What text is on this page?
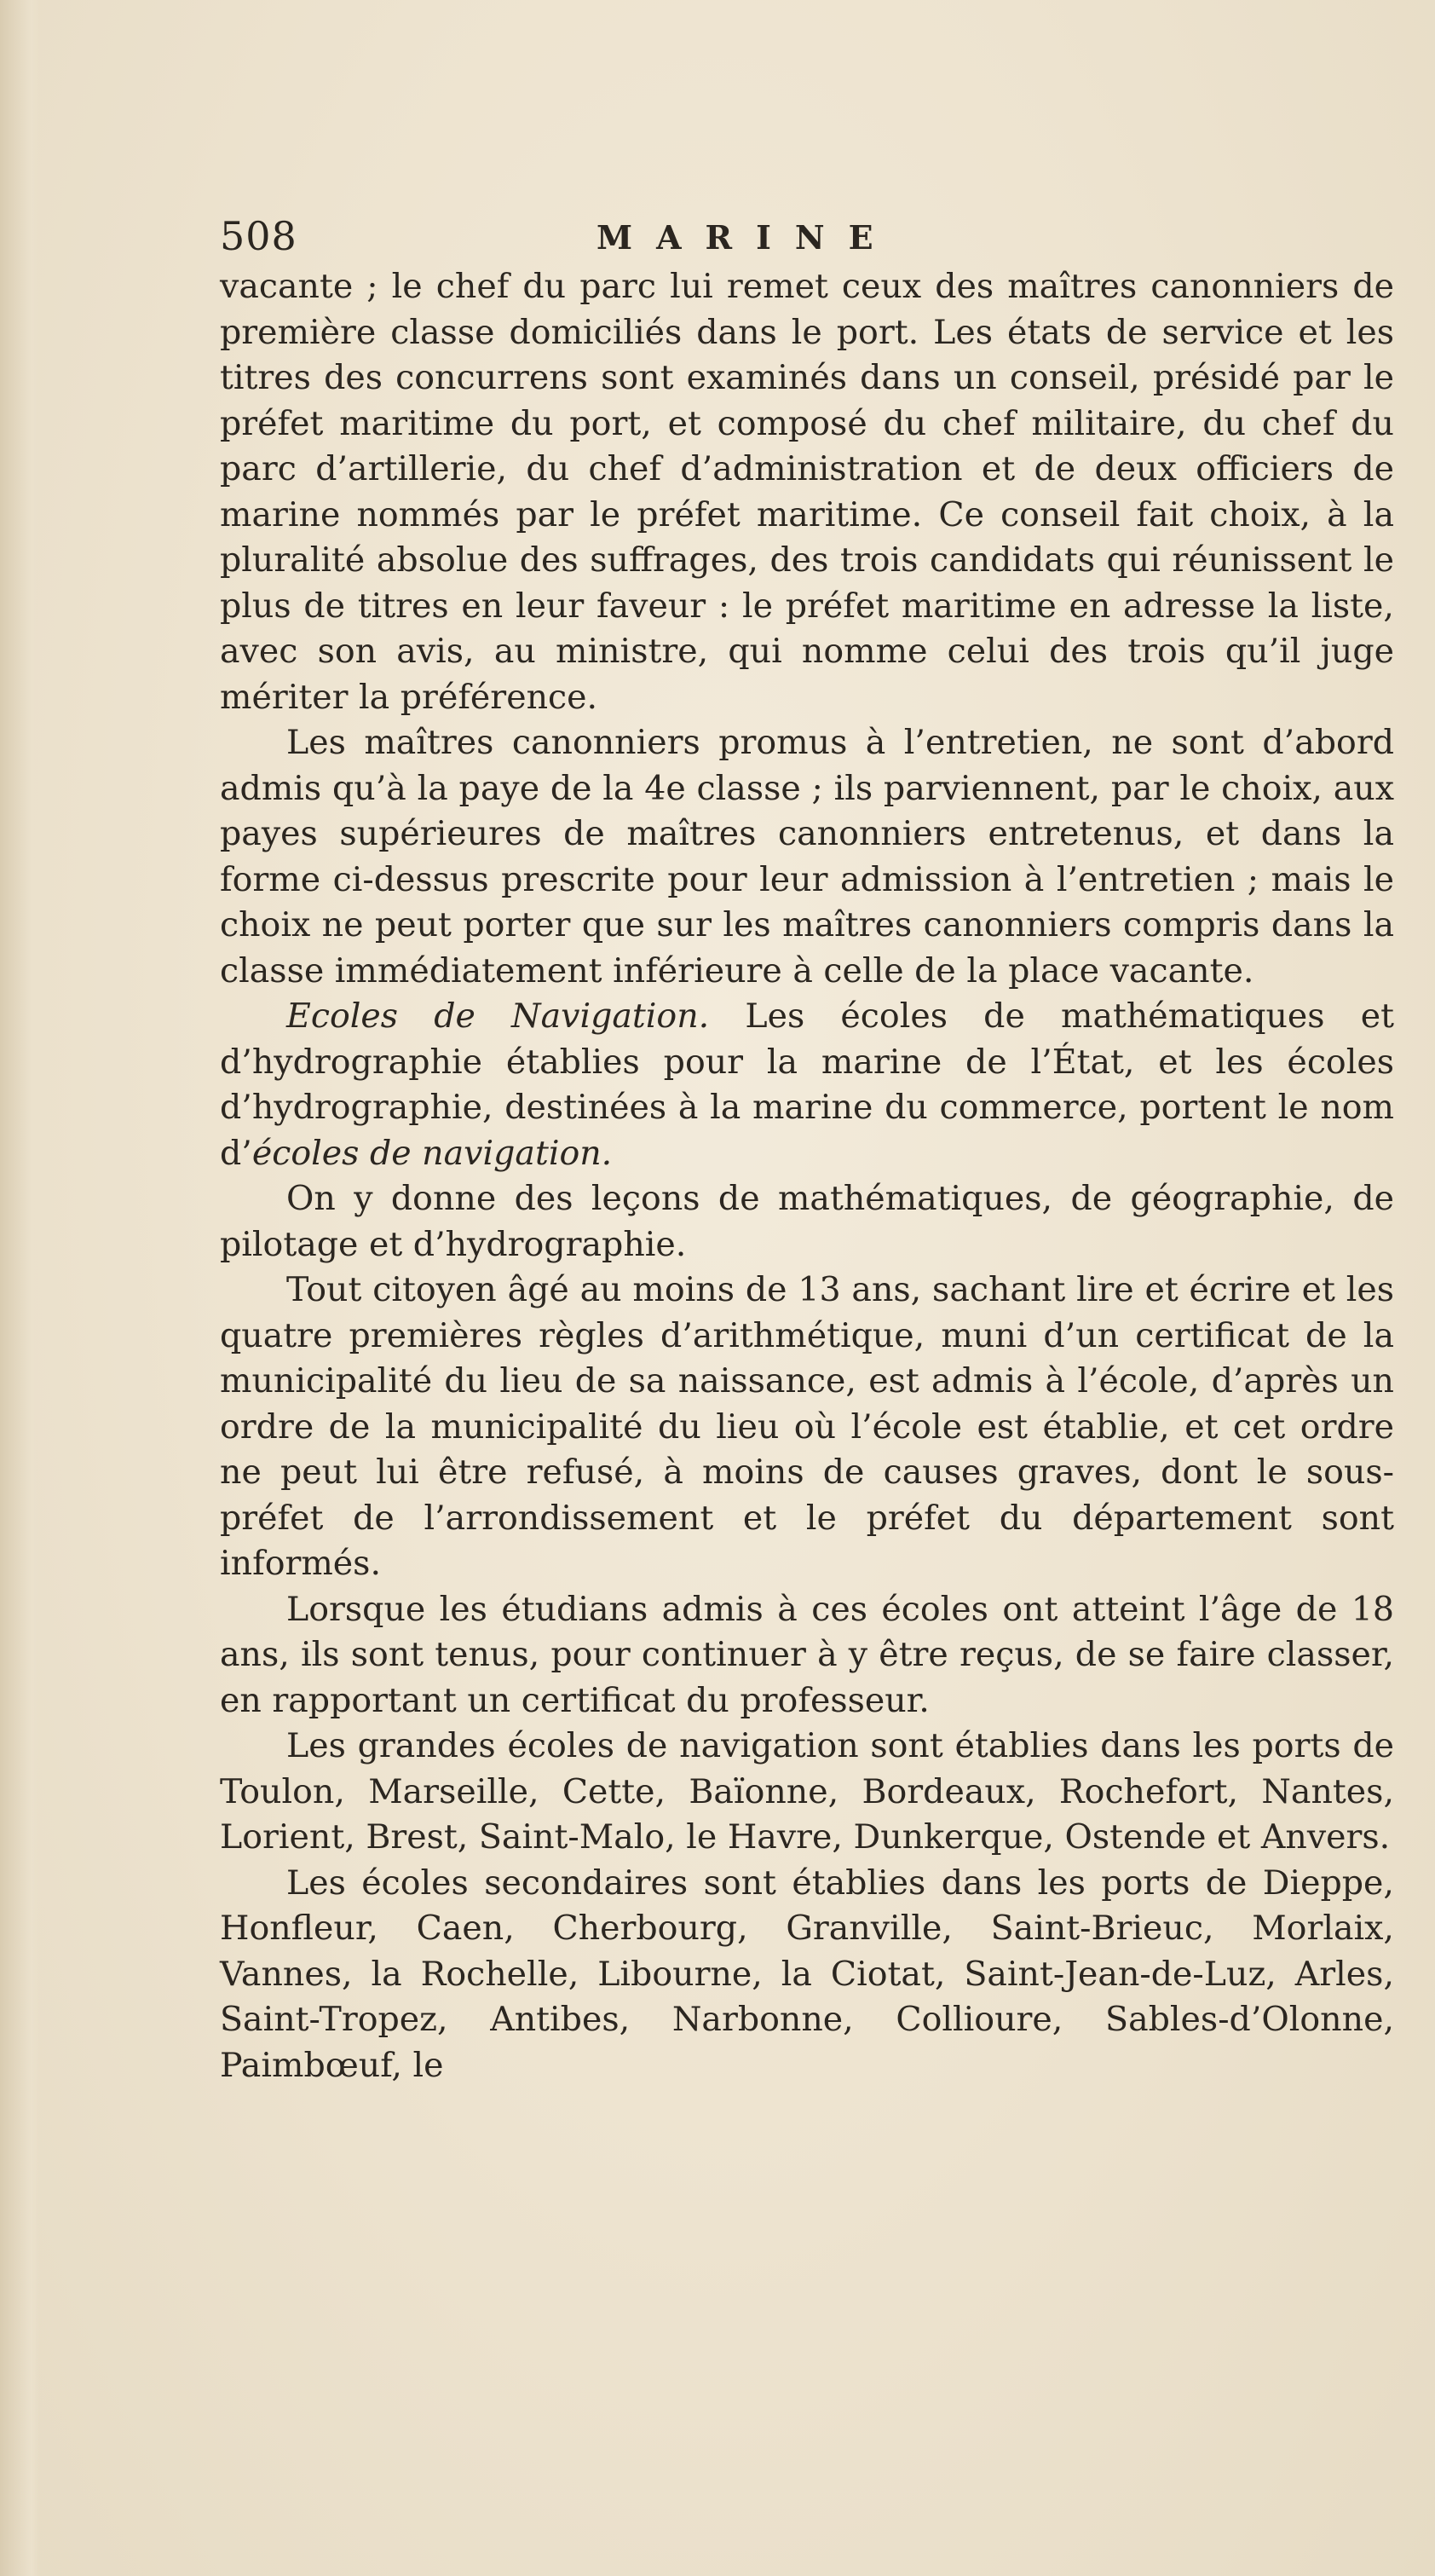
508	MARINE

vacante ; le chef du parc lui remet ceux des maîtres canonniers de première classe domiciliés dans le port. Les états de service et les titres des concurrens sont examinés dans un conseil, présidé par le préfet maritime du port, et composé du chef militaire, du chef du parc d’artillerie, du chef d’administration et de deux officiers de marine nommés par le préfet maritime. Ce conseil fait choix, à la pluralité absolue des suffrages, des trois candidats qui réunissent le plus de titres en leur faveur : le préfet maritime en adresse la liste, avec son avis, au ministre, qui nomme celui des trois qu’il juge mériter la préférence.

Les maîtres canonniers promus à l’entretien, ne sont d’abord admis qu’à la paye de la 4e classe ; ils parviennent, par le choix, aux payes supérieures de maîtres canonniers entretenus, et dans la forme ci-dessus prescrite pour leur admission à l’entretien ; mais le choix ne peut porter que sur les maîtres canonniers compris dans la classe immédiatement inférieure à celle de la place vacante.

Ecoles de Navigation. Les écoles de mathématiques et d’hydrographie établies pour la marine de l’État, et les écoles d’hydrographie, destinées à la marine du commerce, portent le nom d’écoles de navigation.

On y donne des leçons de mathématiques, de géographie, de pilotage et d’hydrographie.

Tout citoyen âgé au moins de 13 ans, sachant lire et écrire et les quatre premières règles d’arithmétique, muni d’un certificat de la municipalité du lieu de sa naissance, est admis à l’école, d’après un ordre de la municipalité du lieu où l’école est établie, et cet ordre ne peut lui être refusé, à moins de causes graves, dont le sous-préfet de l’arrondissement et le préfet du département sont informés.

Lorsque les étudians admis à ces écoles ont atteint l’âge de 18 ans, ils sont tenus, pour continuer à y être reçus, de se faire classer, en rapportant un certificat du professeur.

Les grandes écoles de navigation sont établies dans les ports de Toulon, Marseille, Cette, Baïonne, Bordeaux, Rochefort, Nantes, Lorient, Brest, Saint-Malo, le Havre, Dunkerque, Ostende et Anvers.

Les écoles secondaires sont établies dans les ports de Dieppe, Honfleur, Caen, Cherbourg, Granville, Saint-Brieuc, Morlaix, Vannes, la Rochelle, Libourne, la Ciotat, Saint-Jean-de-Luz, Arles, Saint-Tropez, Antibes, Narbonne, Collioure, Sables-d’Olonne, Paimbœuf, le
